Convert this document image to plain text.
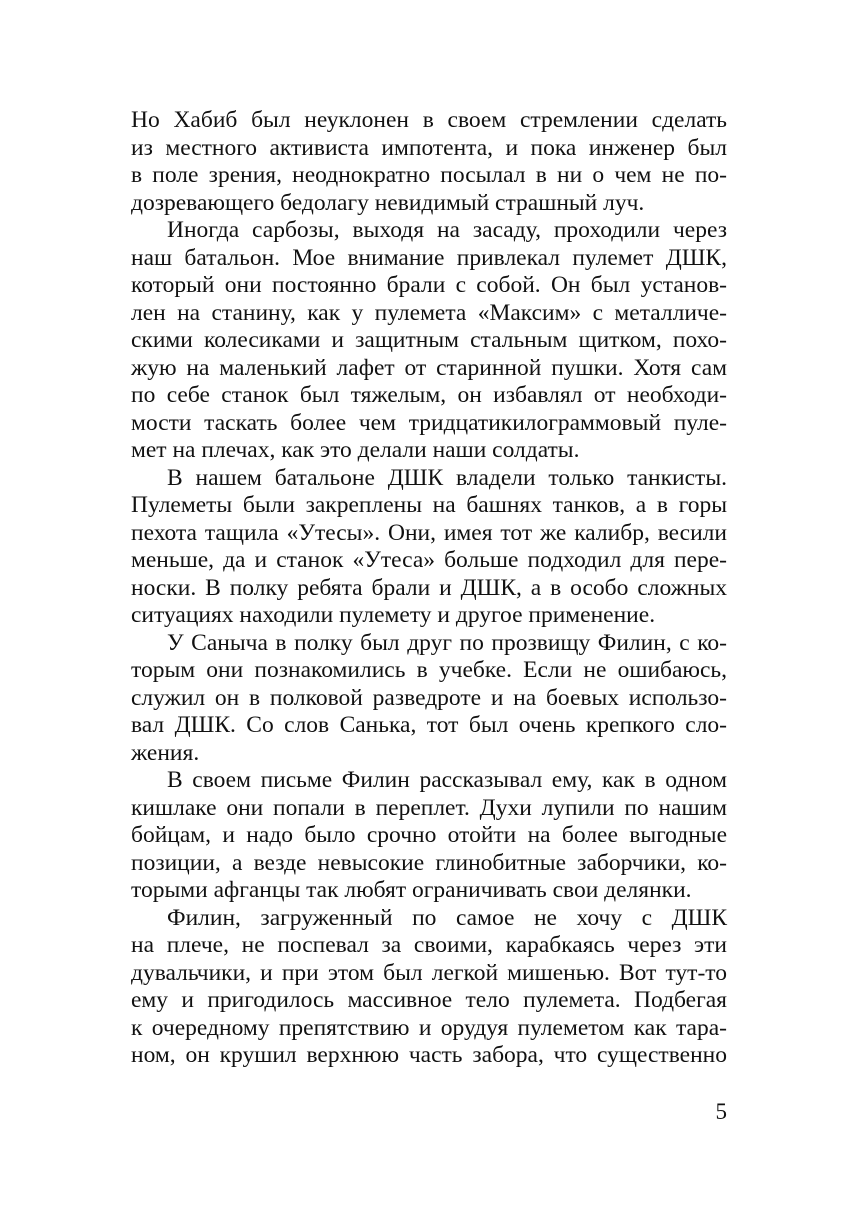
Но Хабиб был неуклонен в своем стремлении сделать
из местного активиста импотента, и пока инженер был
в поле зрения, неоднократно посылал в ни о чем не по-
дозревающего бедолагу невидимый страшный луч.
Иногда сарбозы, выходя на засаду, проходили через
наш батальон. Мое внимание привлекал пулемет ДШК,
который они постоянно брали с собой. Он был установ-
лен на станину, как у пулемета «Максим» с металличе-
скими колесиками и защитным стальным щитком, похо-
жую на маленький лафет от старинной пушки. Хотя сам
по себе станок был тяжелым, он избавлял от необходи-
мости таскать более чем тридцатикилограммовый пуле-
мет на плечах, как это делали наши солдаты.
В нашем батальоне ДШК владели только танкисты.
Пулеметы были закреплены на башнях танков, а в горы
пехота тащила «Утесы». Они, имея тот же калибр, весили
меньше, да и станок «Утеса» больше подходил для пере-
носки. В полку ребята брали и ДШК, а в особо сложных
ситуациях находили пулемету и другое применение.
У Саныча в полку был друг по прозвищу Филин, с ко-
торым они познакомились в учебке. Если не ошибаюсь,
служил он в полковой разведроте и на боевых использо-
вал ДШК. Со слов Санька, тот был очень крепкого сло-
жения.
В своем письме Филин рассказывал ему, как в одном
кишлаке они попали в переплет. Духи лупили по нашим
бойцам, и надо было срочно отойти на более выгодные
позиции, а везде невысокие глинобитные заборчики, ко-
торыми афганцы так любят ограничивать свои делянки.
Филин, загруженный по самое не хочу с ДШК
на плече, не поспевал за своими, карабкаясь через эти
дувальчики, и при этом был легкой мишенью. Вот тут-то
ему и пригодилось массивное тело пулемета. Подбегая
к очередному препятствию и орудуя пулеметом как тара-
ном, он крушил верхнюю часть забора, что существенно
5
